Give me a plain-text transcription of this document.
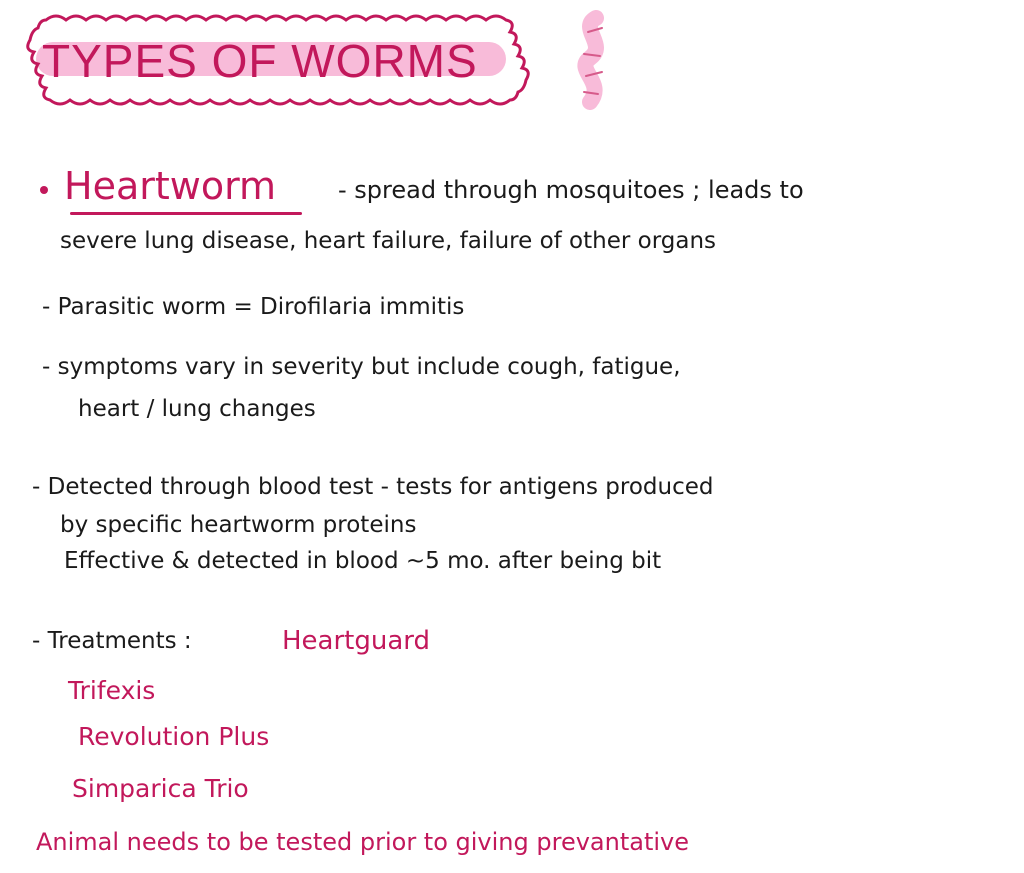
TYPES OF WORMS
Heartworm	- spread through mosquitoes ; leads to
severe lung disease, heart failure, failure of other organs
- Parasitic worm = Dirofilaria immitis
- symptoms vary in severity but include cough, fatigue,
heart / lung changes
- Detected through blood test - tests for antigens produced
by specific heartworm proteins
Effective & detected in blood ~5 mo. after being bit
- Treatments :	Heartguard
Trifexis
Revolution Plus
Simparica Trio
Animal needs to be tested prior to giving prevantative
